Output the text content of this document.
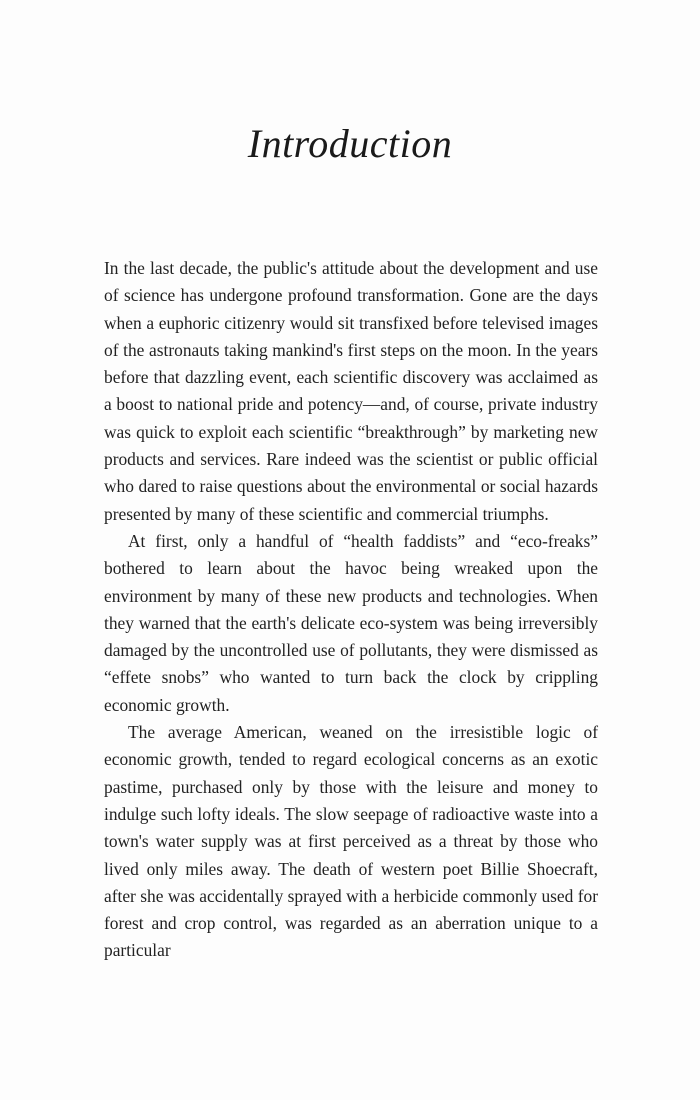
Introduction

In the last decade, the public's attitude about the development and use of science has undergone profound transformation. Gone are the days when a euphoric citizenry would sit transfixed before televised images of the astronauts taking mankind's first steps on the moon. In the years before that dazzling event, each scientific discovery was acclaimed as a boost to national pride and potency—and, of course, private industry was quick to exploit each scientific “breakthrough” by marketing new products and services. Rare indeed was the scientist or public official who dared to raise questions about the environmental or social hazards presented by many of these scientific and commercial triumphs.

At first, only a handful of “health faddists” and “eco-freaks” bothered to learn about the havoc being wreaked upon the environment by many of these new products and technologies. When they warned that the earth's delicate eco-system was being irreversibly damaged by the uncontrolled use of pollutants, they were dismissed as “effete snobs” who wanted to turn back the clock by crippling economic growth.

The average American, weaned on the irresistible logic of economic growth, tended to regard ecological concerns as an exotic pastime, purchased only by those with the leisure and money to indulge such lofty ideals. The slow seepage of radioactive waste into a town's water supply was at first perceived as a threat by those who lived only miles away. The death of western poet Billie Shoecraft, after she was accidentally sprayed with a herbicide commonly used for forest and crop control, was regarded as an aberration unique to a particular
